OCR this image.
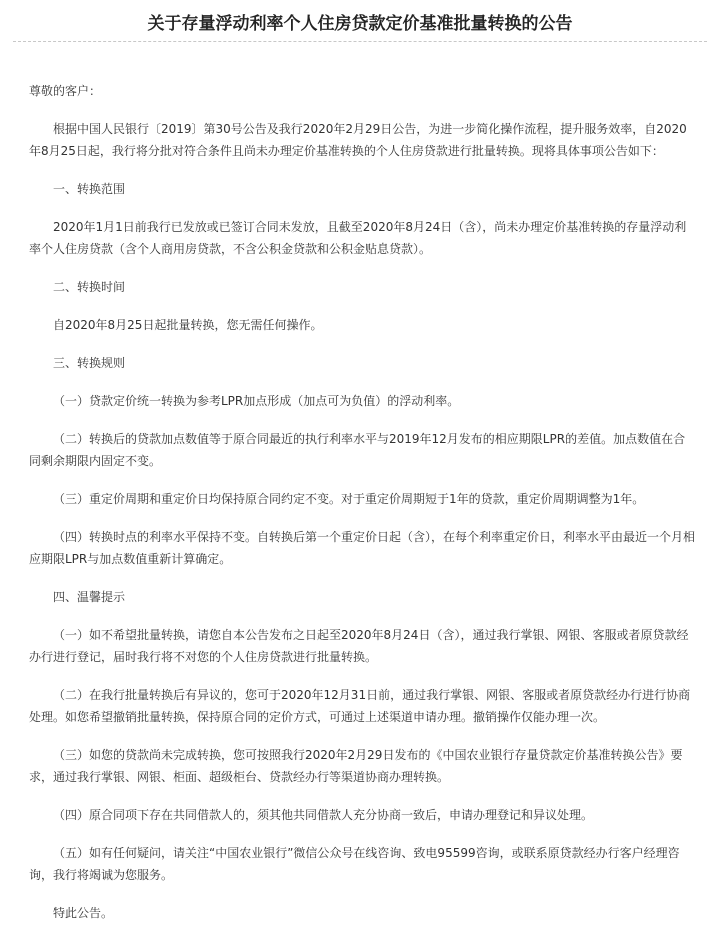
关于存量浮动利率个人住房贷款定价基准批量转换的公告

尊敬的客户：

根据中国人民银行〔2019〕第30号公告及我行2020年2月29日公告，为进一步简化操作流程，提升服务效率，自2020年8月25日起，我行将分批对符合条件且尚未办理定价基准转换的个人住房贷款进行批量转换。现将具体事项公告如下：

一、转换范围

2020年1月1日前我行已发放或已签订合同未发放，且截至2020年8月24日（含），尚未办理定价基准转换的存量浮动利率个人住房贷款（含个人商用房贷款，不含公积金贷款和公积金贴息贷款）。

二、转换时间

自2020年8月25日起批量转换，您无需任何操作。

三、转换规则

（一）贷款定价统一转换为参考LPR加点形成（加点可为负值）的浮动利率。

（二）转换后的贷款加点数值等于原合同最近的执行利率水平与2019年12月发布的相应期限LPR的差值。加点数值在合同剩余期限内固定不变。

（三）重定价周期和重定价日均保持原合同约定不变。对于重定价周期短于1年的贷款，重定价周期调整为1年。

（四）转换时点的利率水平保持不变。自转换后第一个重定价日起（含），在每个利率重定价日，利率水平由最近一个月相应期限LPR与加点数值重新计算确定。

四、温馨提示

（一）如不希望批量转换，请您自本公告发布之日起至2020年8月24日（含），通过我行掌银、网银、客服或者原贷款经办行进行登记，届时我行将不对您的个人住房贷款进行批量转换。

（二）在我行批量转换后有异议的，您可于2020年12月31日前，通过我行掌银、网银、客服或者原贷款经办行进行协商处理。如您希望撤销批量转换，保持原合同的定价方式，可通过上述渠道申请办理。撤销操作仅能办理一次。

（三）如您的贷款尚未完成转换，您可按照我行2020年2月29日发布的《中国农业银行存量贷款定价基准转换公告》要求，通过我行掌银、网银、柜面、超级柜台、贷款经办行等渠道协商办理转换。

（四）原合同项下存在共同借款人的，须其他共同借款人充分协商一致后，申请办理登记和异议处理。

（五）如有任何疑问，请关注“中国农业银行”微信公众号在线咨询、致电95599咨询，或联系原贷款经办行客户经理咨询，我行将竭诚为您服务。

特此公告。
